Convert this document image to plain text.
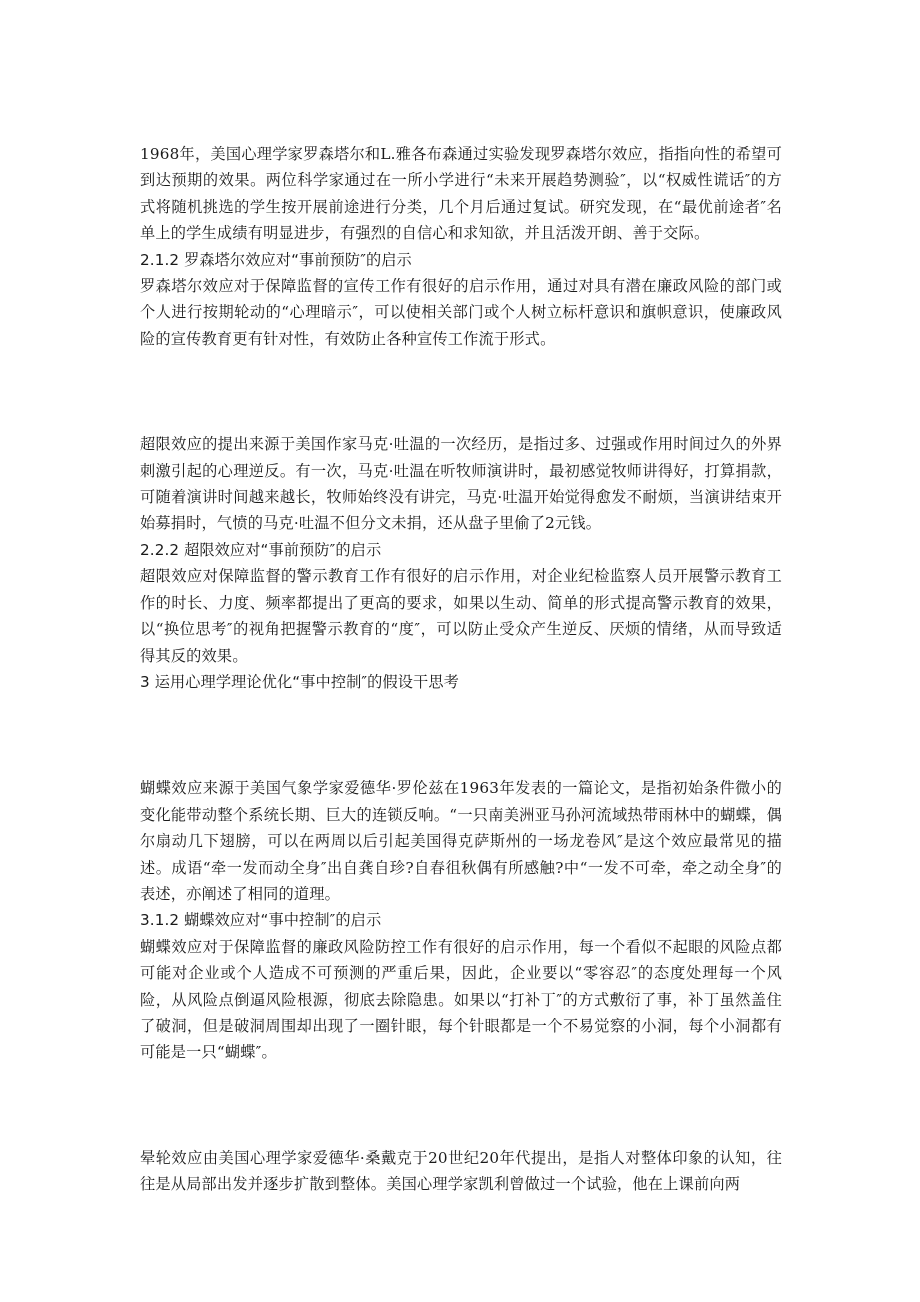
1968年，美国心理学家罗森塔尔和L.雅各布森通过实验发现罗森塔尔效应，指指向性的希望可到达预期的效果。两位科学家通过在一所小学进行“未来开展趋势测验″，以“权威性谎话″的方式将随机挑选的学生按开展前途进行分类，几个月后通过复试。研究发现，在“最优前途者″名单上的学生成绩有明显进步，有强烈的自信心和求知欲，并且活泼开朗、善于交际。

2.1.2 罗森塔尔效应对“事前预防″的启示

罗森塔尔效应对于保障监督的宣传工作有很好的启示作用，通过对具有潜在廉政风险的部门或个人进行按期轮动的“心理暗示″，可以使相关部门或个人树立标杆意识和旗帜意识，使廉政风险的宣传教育更有针对性，有效防止各种宣传工作流于形式。

超限效应的提出来源于美国作家马克·吐温的一次经历，是指过多、过强或作用时间过久的外界刺激引起的心理逆反。有一次，马克·吐温在听牧师演讲时，最初感觉牧师讲得好，打算捐款，可随着演讲时间越来越长，牧师始终没有讲完，马克·吐温开始觉得愈发不耐烦，当演讲结束开始募捐时，气愤的马克·吐温不但分文未捐，还从盘子里偷了2元钱。

2.2.2 超限效应对“事前预防″的启示

超限效应对保障监督的警示教育工作有很好的启示作用，对企业纪检监察人员开展警示教育工作的时长、力度、频率都提出了更高的要求，如果以生动、简单的形式提高警示教育的效果，以“换位思考″的视角把握警示教育的“度″，可以防止受众产生逆反、厌烦的情绪，从而导致适得其反的效果。

3 运用心理学理论优化“事中控制″的假设干思考

蝴蝶效应来源于美国气象学家爱德华·罗伦兹在1963年发表的一篇论文，是指初始条件微小的变化能带动整个系统长期、巨大的连锁反响。“一只南美洲亚马孙河流域热带雨林中的蝴蝶，偶尔扇动几下翅膀，可以在两周以后引起美国得克萨斯州的一场龙卷风″是这个效应最常见的描述。成语“牵一发而动全身″出自龚自珍?自春徂秋偶有所感触?中“一发不可牵，牵之动全身″的表述，亦阐述了相同的道理。

3.1.2 蝴蝶效应对“事中控制″的启示

蝴蝶效应对于保障监督的廉政风险防控工作有很好的启示作用，每一个看似不起眼的风险点都可能对企业或个人造成不可预测的严重后果，因此，企业要以“零容忍″的态度处理每一个风险，从风险点倒逼风险根源，彻底去除隐患。如果以“打补丁″的方式敷衍了事，补丁虽然盖住了破洞，但是破洞周围却出现了一圈针眼，每个针眼都是一个不易觉察的小洞，每个小洞都有可能是一只“蝴蝶″。

晕轮效应由美国心理学家爱德华·桑戴克于20世纪20年代提出，是指人对整体印象的认知，往往是从局部出发并逐步扩散到整体。美国心理学家凯利曾做过一个试验，他在上课前向两
